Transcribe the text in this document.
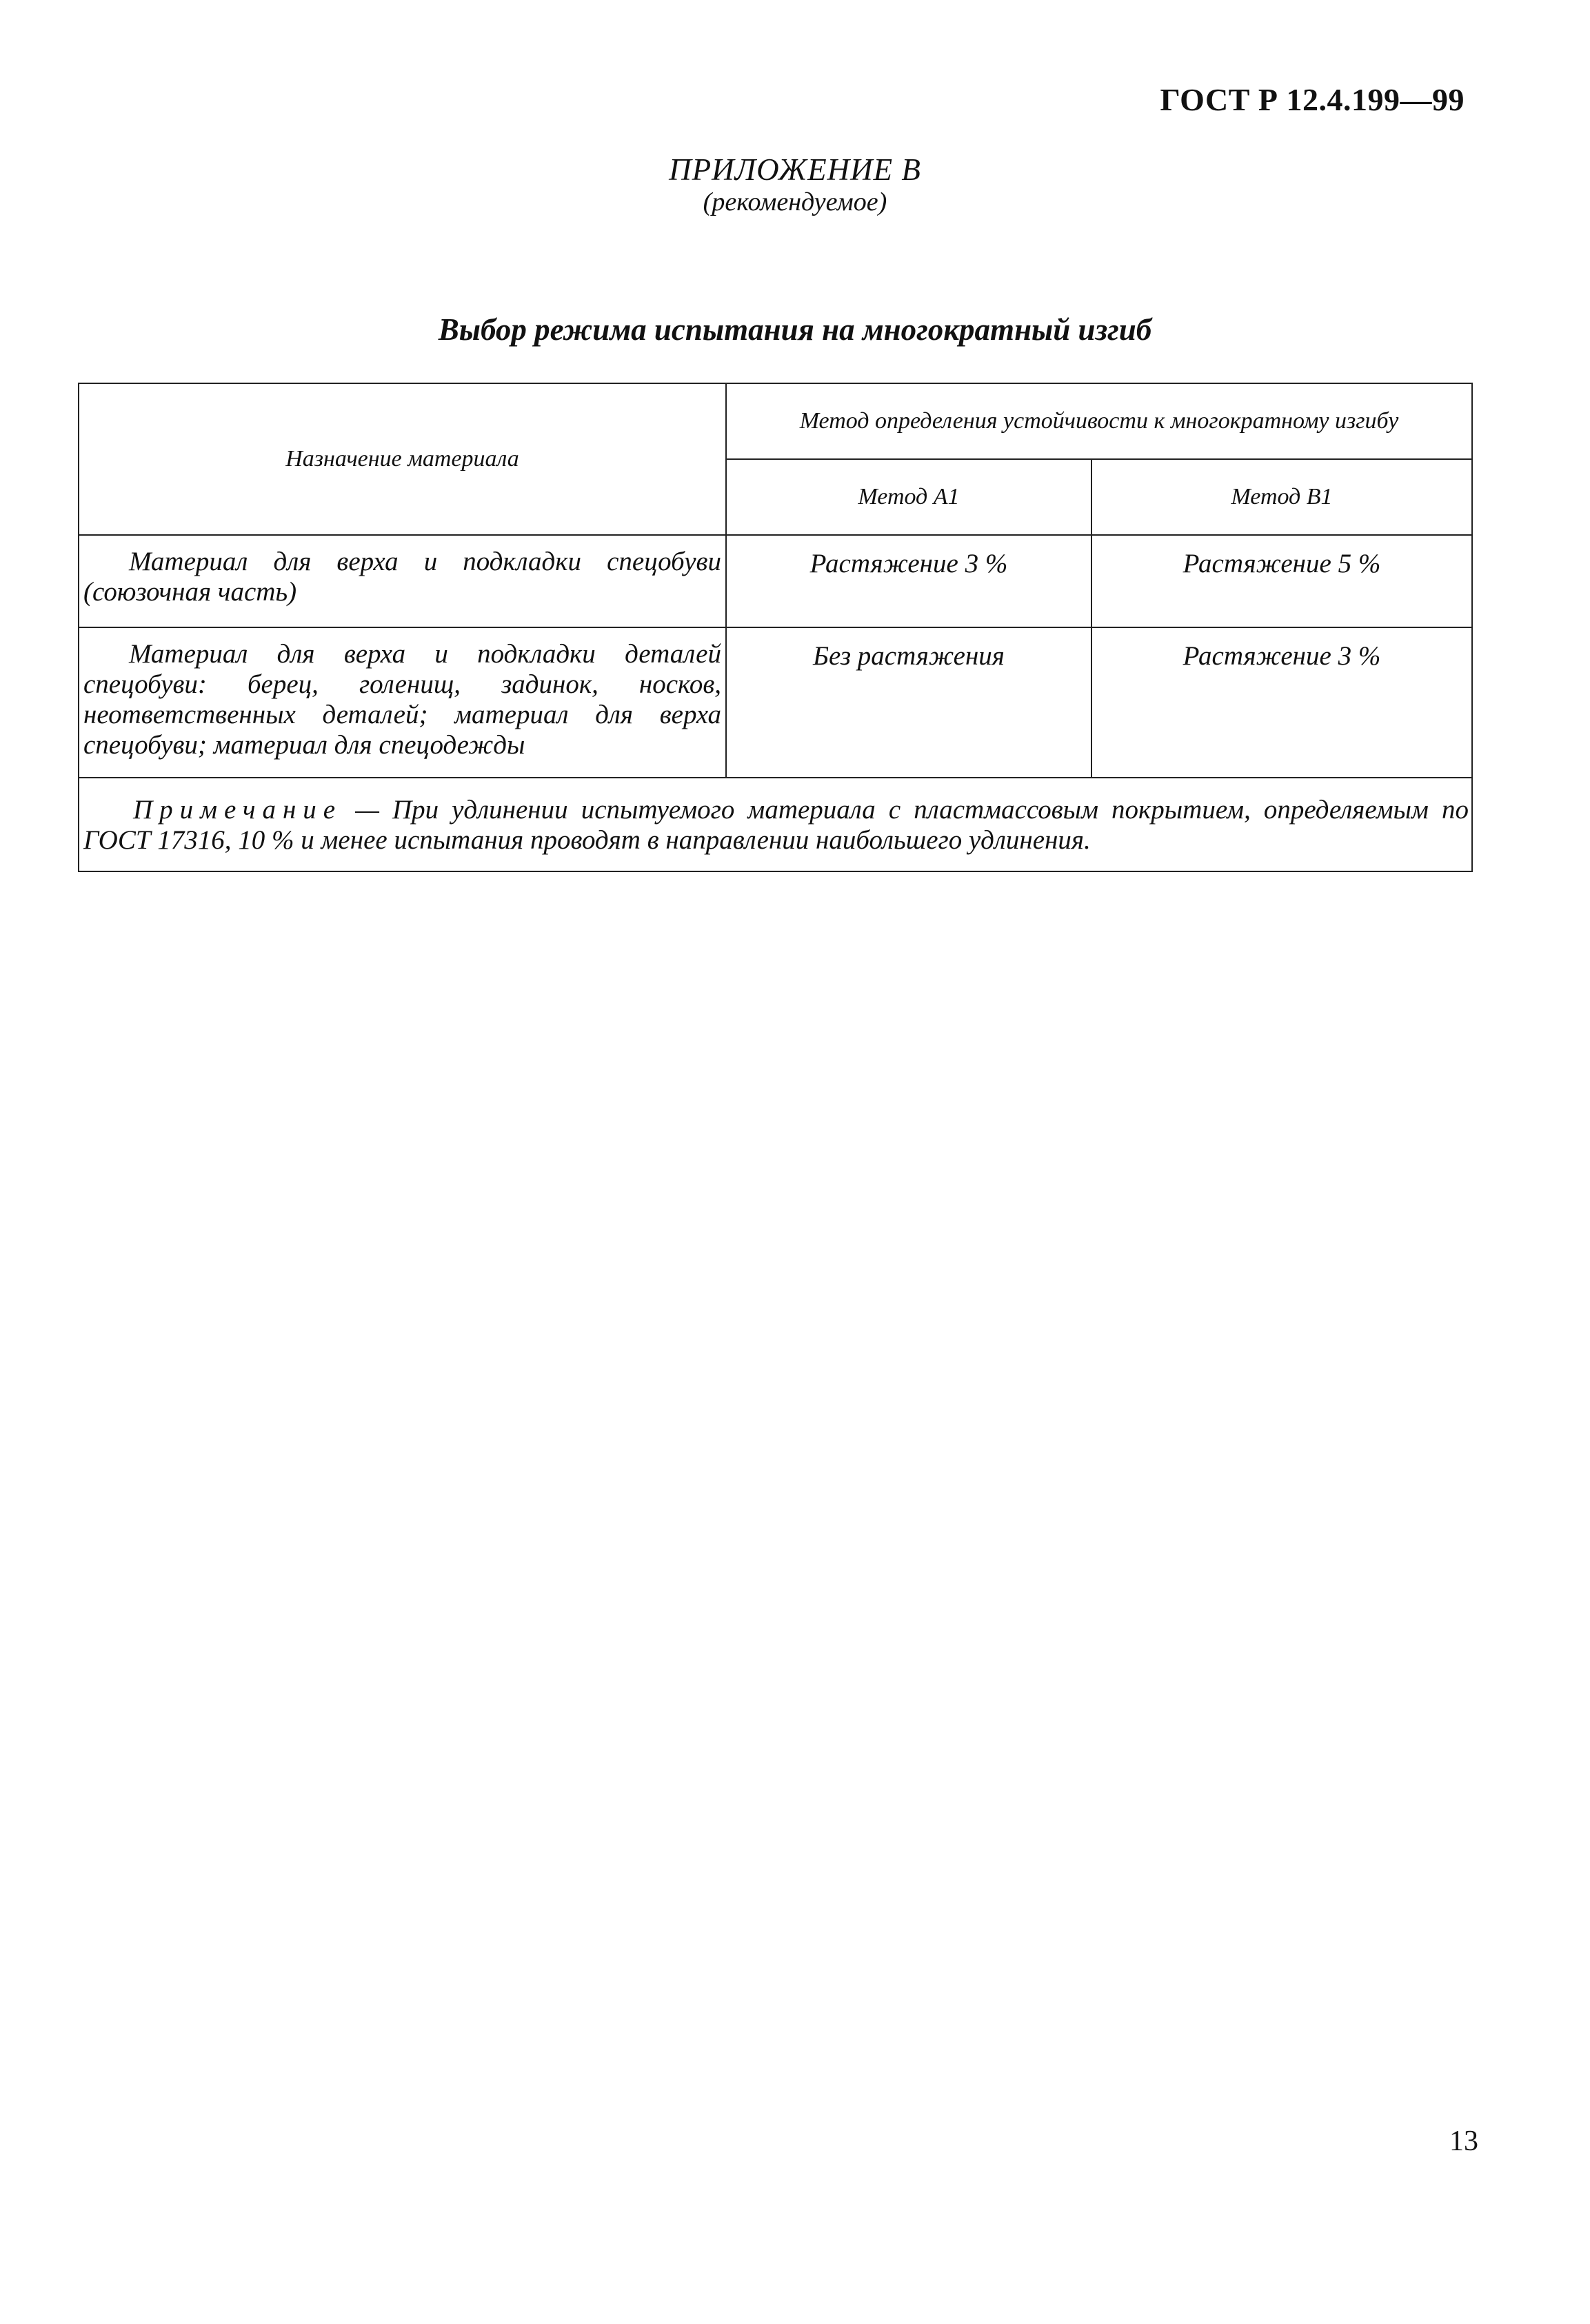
ГОСТ Р 12.4.199—99
ПРИЛОЖЕНИЕ В
(рекомендуемое)
Выбор режима испытания на многократный изгиб
Назначение материала	Метод определения устойчивости к многократному изгибу	
	Метод А1	Метод В1
Материал для верха и подкладки спецобуви (союзочная часть)	Растяжение 3 %	Растяжение 5 %
Материал для верха и подкладки деталей спецобуви: берец, голенищ, задинок, носков, неответственных деталей; материал для верха спецобуви; материал для спецодежды	Без растяжения	Растяжение 3 %
Примечание — При удлинении испытуемого материала с пластмассовым покрытием, определяемым по ГОСТ 17316, 10 % и менее испытания проводят в направлении наибольшего удлинения.		
13
